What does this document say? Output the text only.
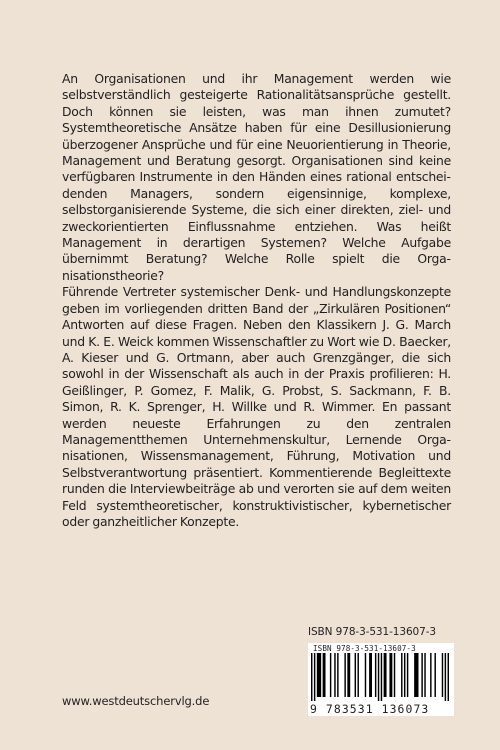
An Organisationen und ihr Management werden wie selbstverständlich gesteigerte Rationalitätsansprüche gestellt. Doch können sie leisten, was man ihnen zumutet? Systemtheoretische Ansätze haben für eine Desillusionierung überzogener Ansprüche und für eine Neuorientierung in Theorie, Management und Beratung gesorgt. Organisationen sind keine verfügbaren Instrumente in den Händen eines rational entscheidenden Managers, sondern eigensinnige, komplexe, selbstorganisierende Systeme, die sich einer direkten, ziel- und zweckorientierten Einflussnahme entziehen. Was heißt Management in derartigen Systemen? Welche Aufgabe übernimmt Beratung? Welche Rolle spielt die Organisationstheorie?

Führende Vertreter systemischer Denk- und Handlungskonzepte geben im vorliegenden dritten Band der „Zirkulären Positionen“ Antworten auf diese Fragen. Neben den Klassikern J. G. March und K. E. Weick kommen Wissenschaftler zu Wort wie D. Baecker, A. Kieser und G. Ortmann, aber auch Grenzgänger, die sich sowohl in der Wissenschaft als auch in der Praxis profilieren: H. Geißlinger, P. Gomez, F. Malik, G. Probst, S. Sackmann, F. B. Simon, R. K. Sprenger, H. Willke und R. Wimmer. En passant werden neueste Erfahrungen zu den zentralen Managementthemen Unternehmenskultur, Lernende Organisationen, Wissensmanagement, Führung, Motivation und Selbstverantwortung präsentiert. Kommentierende Begleittexte runden die Interviewbeiträge ab und verorten sie auf dem weiten Feld systemtheoretischer, konstruktivistischer, kybernetischer oder ganzheitlicher Konzepte.

ISBN 978-3-531-13607-3
ISBN 978-3-531-13607-3
9 783531 136073
www.westdeutschervlg.de
